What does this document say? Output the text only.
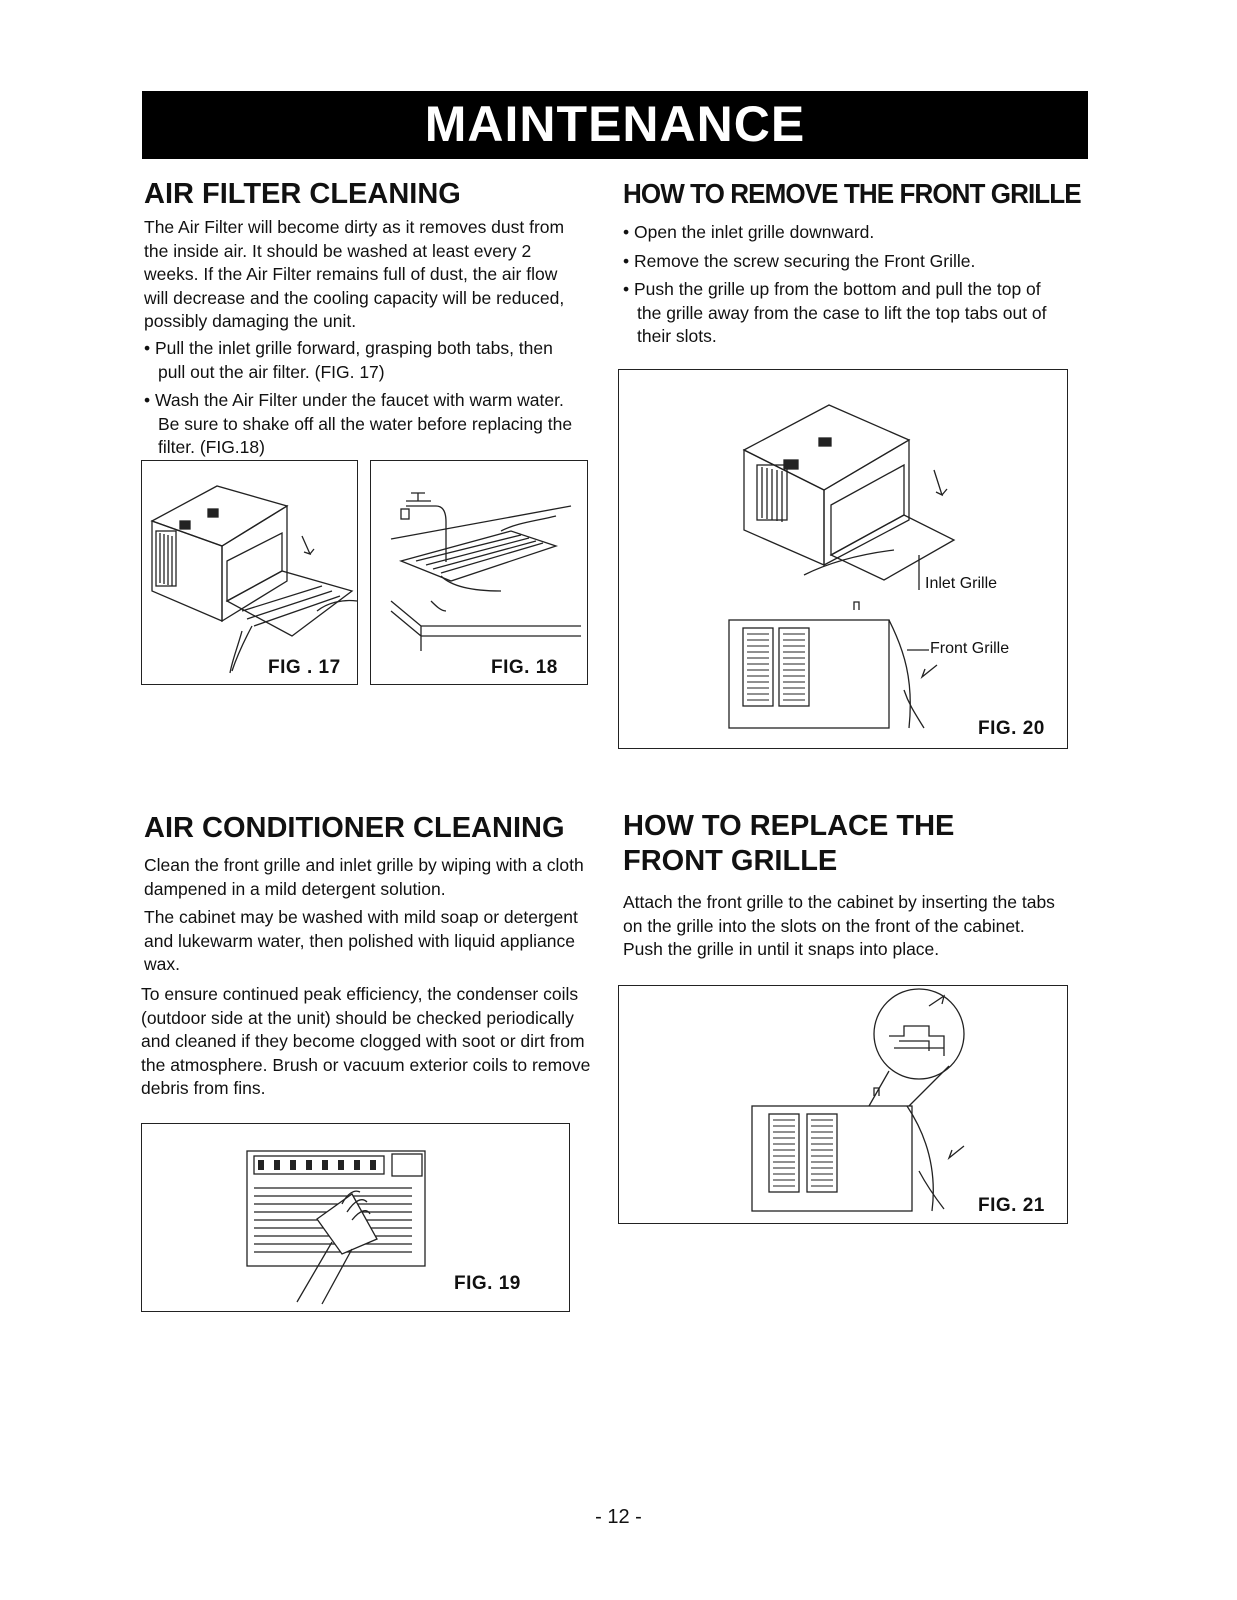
MAINTENANCE
AIR FILTER CLEANING

The Air Filter will become dirty as it removes dust from the inside air. It should be washed at least every 2 weeks. If the Air Filter remains full of dust, the air flow will decrease and the cooling capacity will be reduced, possibly damaging the unit.

• Pull the inlet grille forward, grasping both tabs, then pull out the air filter. (FIG. 17)
• Wash the Air Filter under the faucet with warm water. Be sure to shake off all the water before replacing the filter. (FIG.18)
FIG . 17	FIG. 18
HOW TO REMOVE THE FRONT GRILLE
• Open the inlet grille downward.
• Remove the screw securing the Front Grille.
• Push the grille up from the bottom and pull the top of the grille away from the case to lift the top tabs out of their slots.
Inlet Grille
Front Grille
FIG. 20
AIR CONDITIONER CLEANING

Clean the front grille and inlet grille by wiping with a cloth dampened in a mild detergent solution.

The cabinet may be washed with mild soap or detergent and lukewarm water, then polished with liquid appliance wax.

To ensure continued peak efficiency, the condenser coils (outdoor side at the unit) should be checked periodically and cleaned if they become clogged with soot or dirt from the atmosphere. Brush or vacuum exterior coils to remove debris from fins.

FIG. 19
HOW TO REPLACE THE
FRONT GRILLE

Attach the front grille to the cabinet by inserting the tabs on the grille into the slots on the front of the cabinet. Push the grille in until it snaps into place.

FIG. 21
- 12 -
